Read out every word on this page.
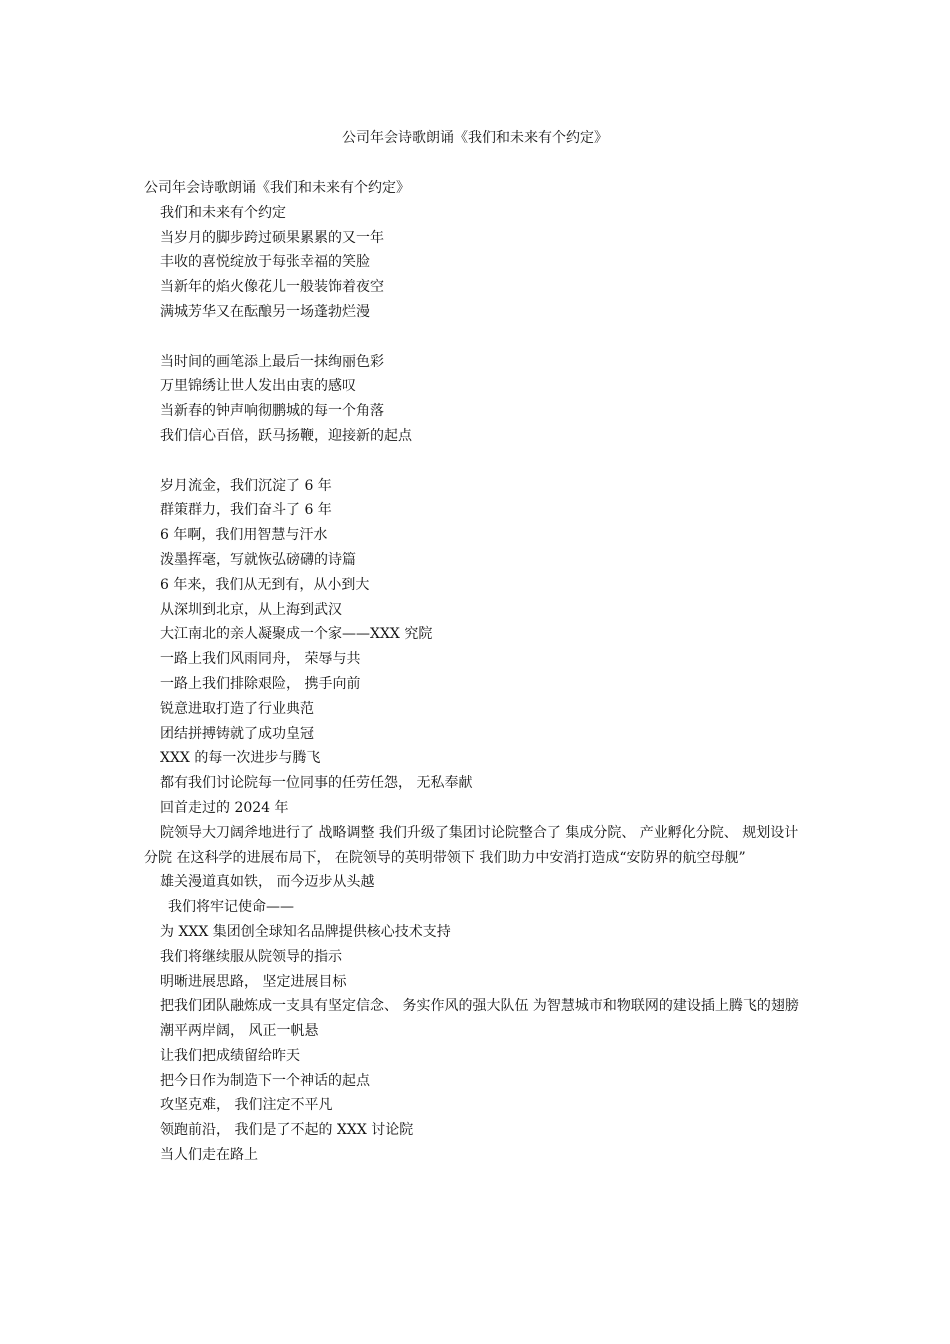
公司年会诗歌朗诵《我们和未来有个约定》

公司年会诗歌朗诵《我们和未来有个约定》

我们和未来有个约定

当岁月的脚步跨过硕果累累的又一年

丰收的喜悦绽放于每张幸福的笑脸

当新年的焰火像花儿一般装饰着夜空

满城芳华又在酝酿另一场蓬勃烂漫

当时间的画笔添上最后一抹绚丽色彩

万里锦绣让世人发出由衷的感叹

当新春的钟声响彻鹏城的每一个角落

我们信心百倍，跃马扬鞭，迎接新的起点

岁月流金，我们沉淀了 6 年

群策群力，我们奋斗了 6 年

6 年啊，我们用智慧与汗水

泼墨挥毫，写就恢弘磅礴的诗篇

6 年来，我们从无到有，从小到大

从深圳到北京，从上海到武汉

大江南北的亲人凝聚成一个家——XXX 究院

一路上我们风雨同舟， 荣辱与共

一路上我们排除艰险， 携手向前

锐意进取打造了行业典范

团结拼搏铸就了成功皇冠

XXX 的每一次进步与腾飞

都有我们讨论院每一位同事的任劳任怨， 无私奉献

回首走过的 2024 年

院领导大刀阔斧地进行了 战略调整 我们升级了集团讨论院整合了 集成分院、 产业孵化分院、 规划设计分院 在这科学的进展布局下， 在院领导的英明带领下 我们助力中安消打造成“安防界的航空母舰”

雄关漫道真如铁， 而今迈步从头越

我们将牢记使命——

为 XXX 集团创全球知名品牌提供核心技术支持

我们将继续服从院领导的指示

明晰进展思路， 坚定进展目标

把我们团队融炼成一支具有坚定信念、 务实作风的强大队伍 为智慧城市和物联网的建设插上腾飞的翅膀

潮平两岸阔， 风正一帆悬

让我们把成绩留给昨天

把今日作为制造下一个神话的起点

攻坚克难， 我们注定不平凡

领跑前沿， 我们是了不起的 XXX 讨论院

当人们走在路上
